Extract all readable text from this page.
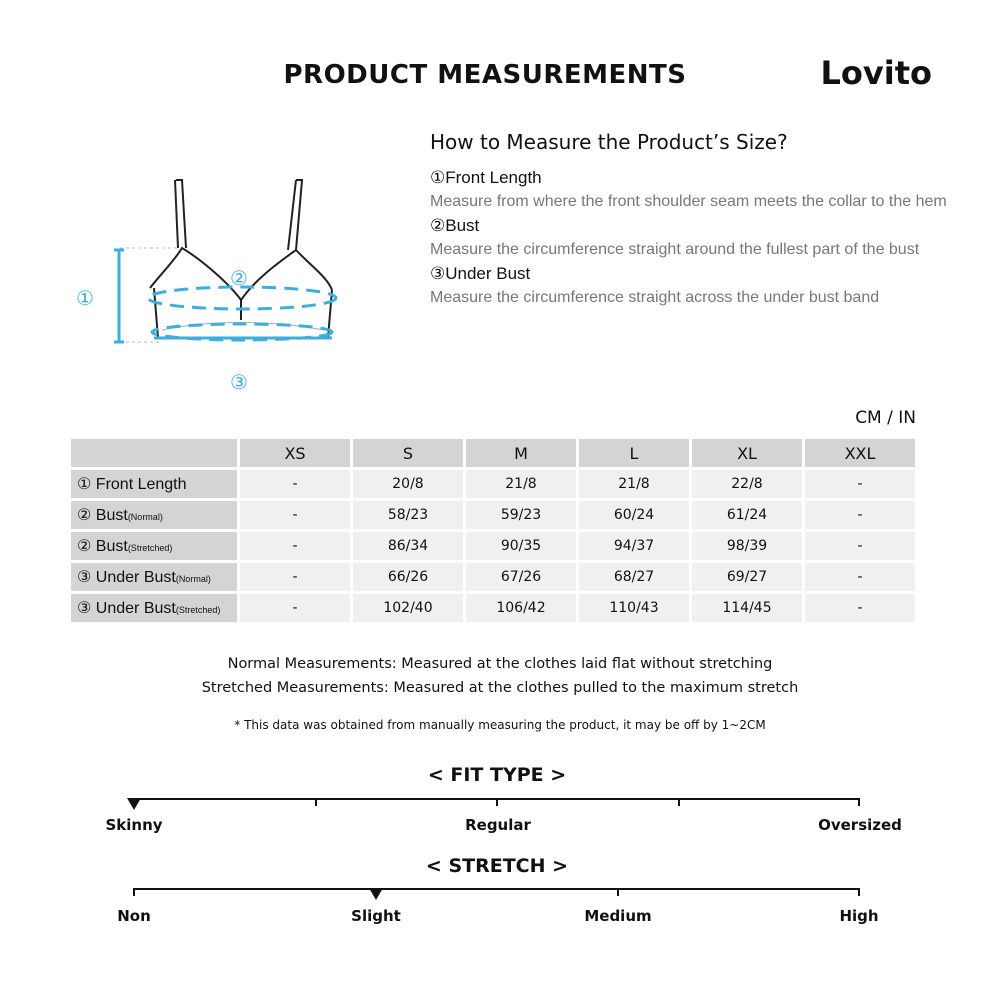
PRODUCT MEASUREMENTS	Lovito
①
②
③
How to Measure the Product’s Size?
①Front Length
Measure from where the front shoulder seam meets the collar to the hem
②Bust
Measure the circumference straight around the fullest part of the bust
③Under Bust
Measure the circumference straight across the under bust band
CM / IN
	XS	S	M	L	XL	XXL
① Front Length	-	20/8	21/8	21/8	22/8	-
② Bust(Normal)	-	58/23	59/23	60/24	61/24	-
② Bust(Stretched)	-	86/34	90/35	94/37	98/39	-
③ Under Bust(Normal)	-	66/26	67/26	68/27	69/27	-
③ Under Bust(Stretched)	-	102/40	106/42	110/43	114/45	-
Normal Measurements: Measured at the clothes laid flat without stretching
Stretched Measurements: Measured at the clothes pulled to the maximum stretch
* This data was obtained from manually measuring the product, it may be off by 1~2CM
< FIT TYPE >
Skinny	Regular	Oversized
< STRETCH >
Non	Slight	Medium	High
